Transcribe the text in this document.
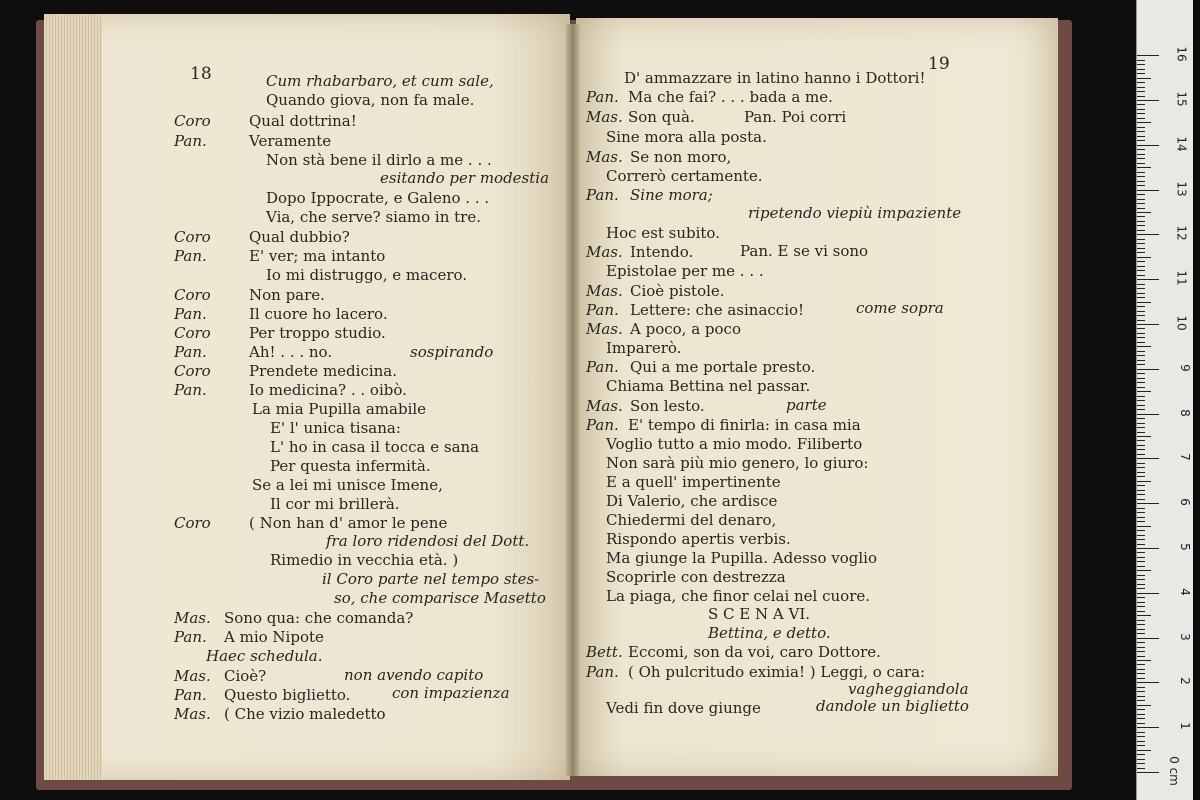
18	19
Cum rhabarbaro, et cum sale,
Quando giova, non fa male.
Coro	Qual dottrina!
Pan.	Veramente
Non stà bene il dirlo a me . . .
esitando per modestia
Dopo Ippocrate, e Galeno . . .
Via, che serve? siamo in tre.
Coro	Qual dubbio?
Pan.	E' ver; ma intanto
Io mi distruggo, e macero.
Coro	Non pare.
Pan.	Il cuore ho lacero.
Coro	Per troppo studio.
Pan.	Ah! . . . no.	sospirando
Coro	Prendete medicina.
Pan.	Io medicina? . . oibò.
La mia Pupilla amabile
E' l' unica tisana:
L' ho in casa il tocca e sana
Per questa infermità.
Se a lei mi unisce Imene,
Il cor mi brillerà.
Coro	( Non han d' amor le pene
fra loro ridendosi del Dott.
Rimedio in vecchia età. )
il Coro parte nel tempo stes-
so, che comparisce Masetto
Mas. Sono qua: che comanda?
Pan. A mio Nipote
Haec schedula.
Mas. Cioè?	non avendo capito
Pan. Questo biglietto.	con impazienza
Mas. ( Che vizio maledetto
D' ammazzare in latino hanno i Dottori!
Pan. Ma che fai? . . . bada a me.
Mas. Son quà.	Pan. Poi corri
Sine mora alla posta.
Mas. Se non moro,
Correrò certamente.
Pan. Sine mora;
ripetendo viepiù impaziente
Hoc est subito.
Mas. Intendo.	Pan. E se vi sono
Epistolae per me . . .
Mas. Cioè pistole.
Pan. Lettere: che asinaccio!	come sopra
Mas. A poco, a poco
Imparerò.
Pan. Qui a me portale presto.
Chiama Bettina nel passar.
Mas. Son lesto.	parte
Pan. E' tempo di finirla: in casa mia
Voglio tutto a mio modo. Filiberto
Non sarà più mio genero, lo giuro:
E a quell' impertinente
Di Valerio, che ardisce
Chiedermi del denaro,
Rispondo apertis verbis.
Ma giunge la Pupilla. Adesso voglio
Scoprirle con destrezza
La piaga, che finor celai nel cuore.
S C E N A VI.
Bettina, e detto.
Bett. Eccomi, son da voi, caro Dottore.
Pan. ( Oh pulcritudo eximia! ) Leggi, o cara:
vagheggiandola
Vedi fin dove giunge	dandole un biglietto
0 cm
1
2
3
4
5
6
7
8
9
10
11
12
13
14
15
16
